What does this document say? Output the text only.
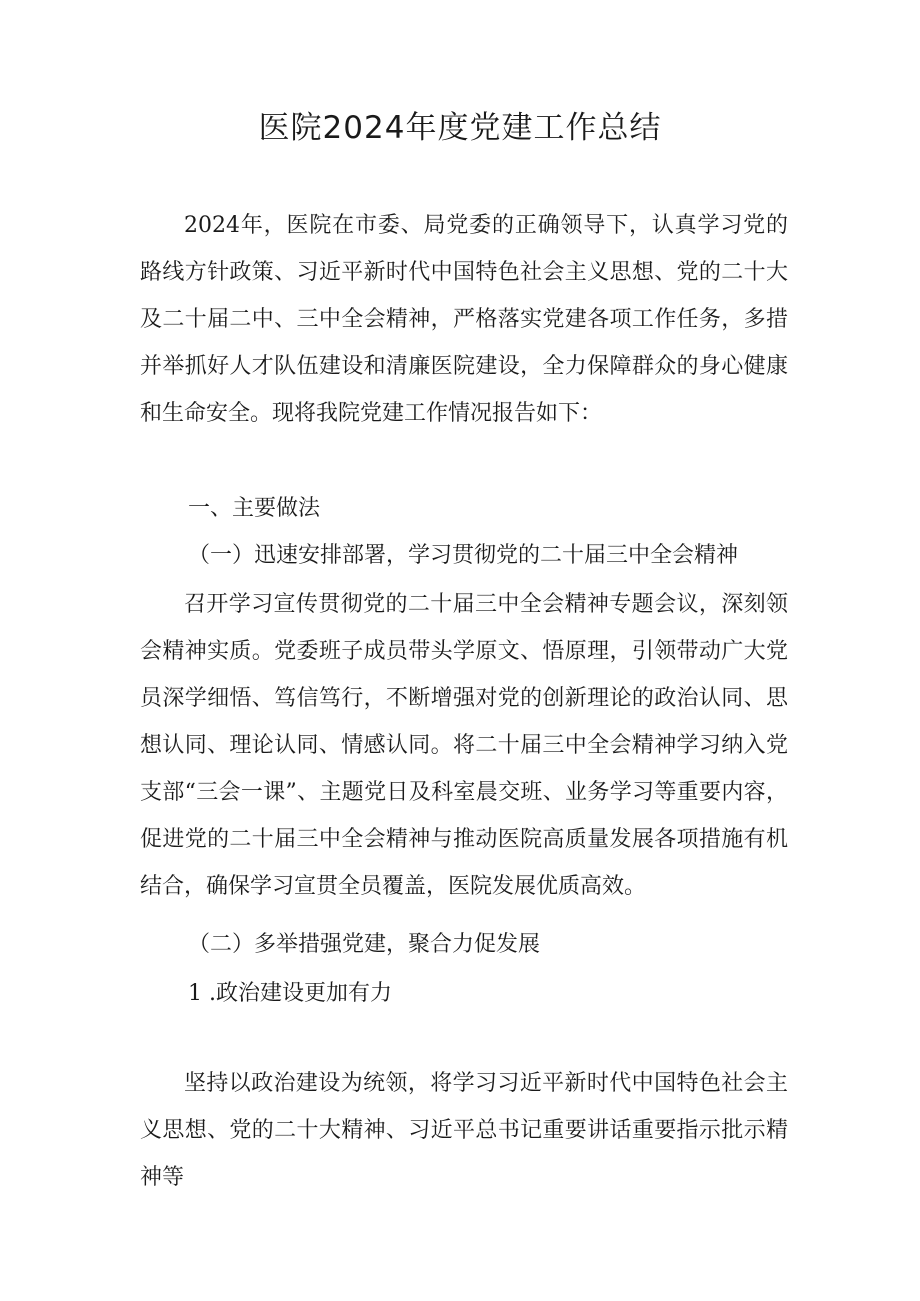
医院2024年度党建工作总结

2024年，医院在市委、局党委的正确领导下，认真学习党的路线方针政策、习近平新时代中国特色社会主义思想、党的二十大及二十届二中、三中全会精神，严格落实党建各项工作任务，多措并举抓好人才队伍建设和清廉医院建设，全力保障群众的身心健康和生命安全。现将我院党建工作情况报告如下：

一、主要做法

（一）迅速安排部署，学习贯彻党的二十届三中全会精神

召开学习宣传贯彻党的二十届三中全会精神专题会议，深刻领会精神实质。党委班子成员带头学原文、悟原理，引领带动广大党员深学细悟、笃信笃行，不断增强对党的创新理论的政治认同、思想认同、理论认同、情感认同。将二十届三中全会精神学习纳入党支部“三会一课”、主题党日及科室晨交班、业务学习等重要内容，促进党的二十届三中全会精神与推动医院高质量发展各项措施有机结合，确保学习宣贯全员覆盖，医院发展优质高效。

（二）多举措强党建，聚合力促发展

1 .政治建设更加有力

坚持以政治建设为统领，将学习习近平新时代中国特色社会主义思想、党的二十大精神、习近平总书记重要讲话重要指示批示精神等
